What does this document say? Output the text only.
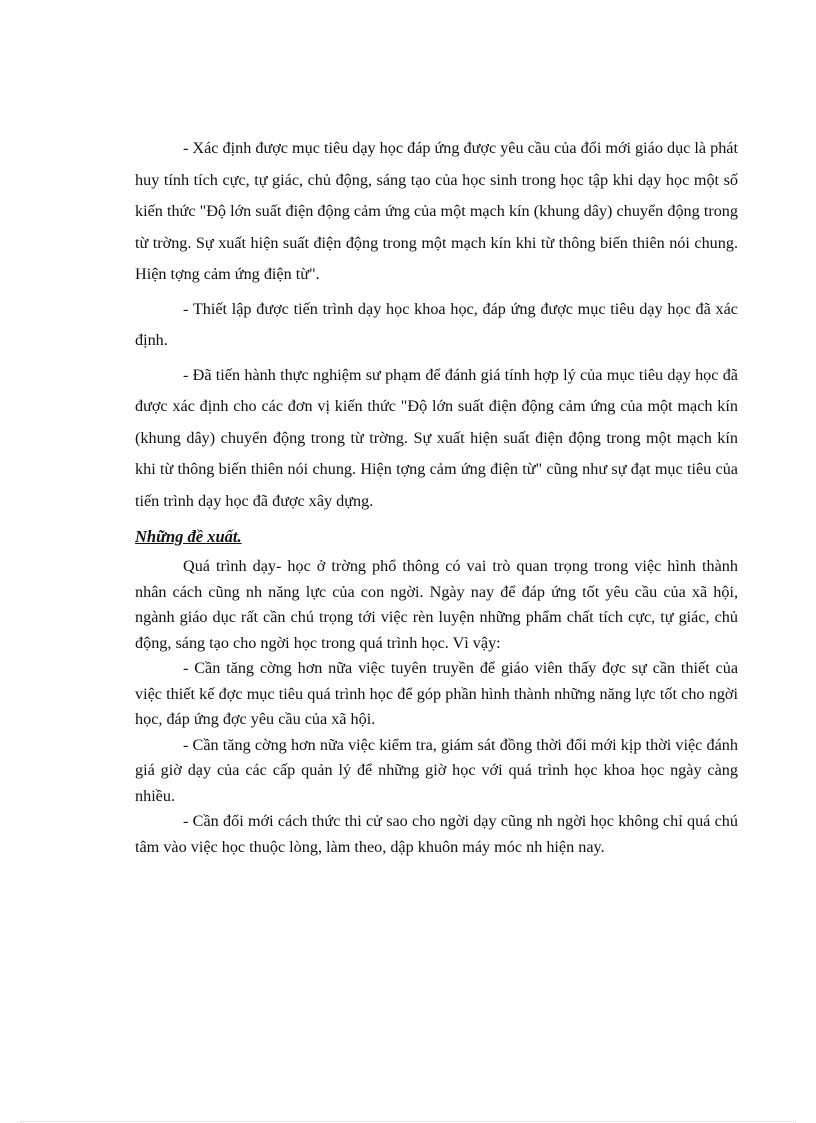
- Xác định được mục tiêu dạy học đáp ứng được yêu cầu của đổi mới giáo dục là phát huy tính tích cực, tự giác, chủ động, sáng tạo của học sinh trong học tập khi dạy học một số kiến thức "Độ lớn suất điện động cảm ứng của một mạch kín (khung dây) chuyển động trong từ trờng. Sự xuất hiện suất điện động trong một mạch kín khi từ thông biến thiên nói chung. Hiện tợng cảm ứng điện từ".

- Thiết lập được tiến trình dạy học khoa học, đáp ứng được mục tiêu dạy học đã xác định.

- Đã tiến hành thực nghiệm sư phạm để đánh giá tính hợp lý của mục tiêu dạy học đã được xác định cho các đơn vị kiến thức "Độ lớn suất điện động cảm ứng của một mạch kín (khung dây) chuyển động trong từ trờng. Sự xuất hiện suất điện động trong một mạch kín khi từ thông biến thiên nói chung. Hiện tợng cảm ứng điện từ" cũng như sự đạt mục tiêu của tiến trình dạy học đã được xây dựng.

Những đề xuất.

Quá trình dạy- học ở trờng phổ thông có vai trò quan trọng trong việc hình thành nhân cách cũng nh năng lực của con ngời. Ngày nay để đáp ứng tốt yêu cầu của xã hội, ngành giáo dục rất cần chú trọng tới việc rèn luyện những phẩm chất tích cực, tự giác, chủ động, sáng tạo cho ngời học trong quá trình học. Vì vậy:

- Cần tăng cờng hơn nữa việc tuyên truyền để giáo viên thấy đợc sự cần thiết của việc thiết kế đợc mục tiêu quá trình học để góp phần hình thành những năng lực tốt cho ngời học, đáp ứng đợc yêu cầu của xã hội.

- Cần tăng cờng hơn nữa việc kiểm tra, giám sát đồng thời đổi mới kịp thời việc đánh giá giờ dạy của các cấp quản lý để những giờ học với quá trình học khoa học ngày càng nhiều.

- Cần đổi mới cách thức thi cử sao cho ngời dạy cũng nh ngời học không chỉ quá chú tâm vào việc học thuộc lòng, làm theo, dập khuôn máy móc nh hiện nay.
